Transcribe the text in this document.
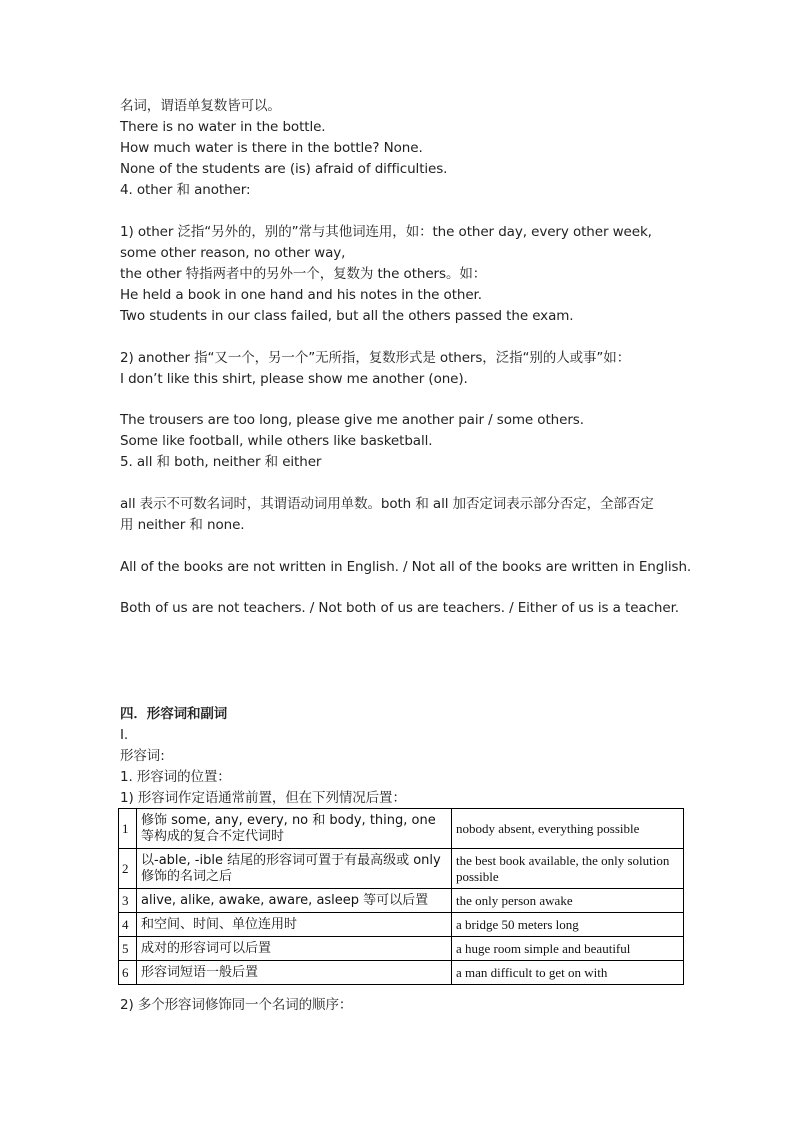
名词，谓语单复数皆可以。
There is no water in the bottle.
How much water is there in the bottle? None.
None of the students are (is) afraid of difficulties.
4. other 和 another:
1) other 泛指“另外的，别的”常与其他词连用，如：the other day, every other week,
some other reason, no other way,
the other 特指两者中的另外一个，复数为 the others。如：
He held a book in one hand and his notes in the other.
Two students in our class failed, but all the others passed the exam.
2) another 指“又一个，另一个”无所指，复数形式是 others，泛指“别的人或事”如：
I don’t like this shirt, please show me another (one).
The trousers are too long, please give me another pair / some others.
Some like football, while others like basketball.
5. all 和 both, neither 和 either
all 表示不可数名词时，其谓语动词用单数。both 和 all 加否定词表示部分否定，全部否定
用 neither 和 none.
All of the books are not written in English. / Not all of the books are written in English.
Both of us are not teachers. / Not both of us are teachers. / Either of us is a teacher.
四．形容词和副词
I.
形容词:
1. 形容词的位置：
1) 形容词作定语通常前置，但在下列情况后置：
2) 多个形容词修饰同一个名词的顺序：
1	修饰 some, any, every, no 和 body, thing, one 等构成的复合不定代词时	nobody absent, everything possible
2	以-able, -ible 结尾的形容词可置于有最高级或 only 修饰的名词之后	the best book available, the only solution possible
3	alive, alike, awake, aware, asleep 等可以后置	the only person awake
4	和空间、时间、单位连用时	a bridge 50 meters long
5	成对的形容词可以后置	a huge room simple and beautiful
6	形容词短语一般后置	a man difficult to get on with
